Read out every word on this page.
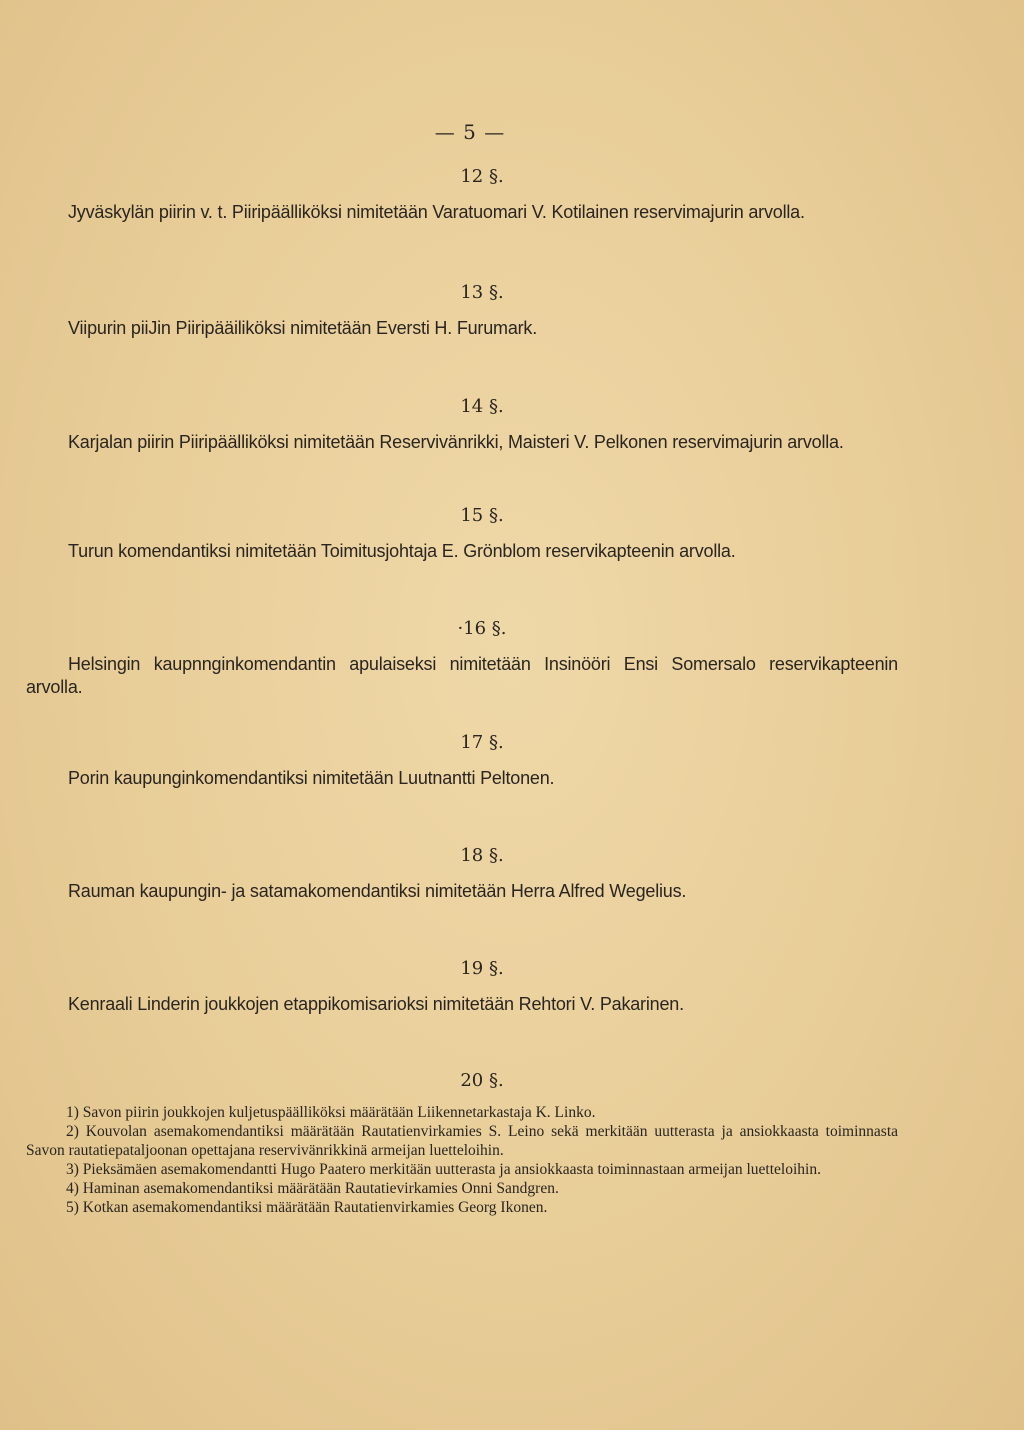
— 5 —
12 §.
Jyväskylän piirin v. t. Piiripäälliköksi nimitetään Varatuomari V. Kotilainen reservimajurin arvolla.
13 §.
Viipurin piiJin Piiripääiliköksi nimitetään Eversti H. Furumark.
14 §.
Karjalan piirin Piiripäälliköksi nimitetään Reservivänrikki, Maisteri V. Pelkonen reservimajurin arvolla.
15 §.
Turun komendantiksi nimitetään Toimitusjohtaja E. Grönblom reservikapteenin arvolla.
·16 §.
Helsingin kaupnnginkomendantin apulaiseksi nimitetään Insinööri Ensi Somersalo reservikapteenin arvolla.
17 §.
Porin kaupunginkomendantiksi nimitetään Luutnantti Peltonen.
18 §.
Rauman kaupungin- ja satamakomendantiksi nimitetään Herra Alfred Wegelius.
19 §.
Kenraali Linderin joukkojen etappikomisarioksi nimitetään Rehtori V. Pakarinen.
20 §.
1) Savon piirin joukkojen kuljetuspäälliköksi määrätään Liikennetarkastaja K. Linko.
2) Kouvolan asemakomendantiksi määrätään Rautatienvirkamies S. Leino sekä merkitään uutterasta ja ansiokkaasta toiminnasta Savon rautatiepataljoonan opettajana reservivänrikkinä armeijan luetteloihin.
3) Pieksämäen asemakomendantti Hugo Paatero merkitään uutterasta ja ansiokkaasta toiminnastaan armeijan luetteloihin.
4) Haminan asemakomendantiksi määrätään Rautatievirkamies Onni Sandgren.
5) Kotkan asemakomendantiksi määrätään Rautatienvirkamies Georg Ikonen.
